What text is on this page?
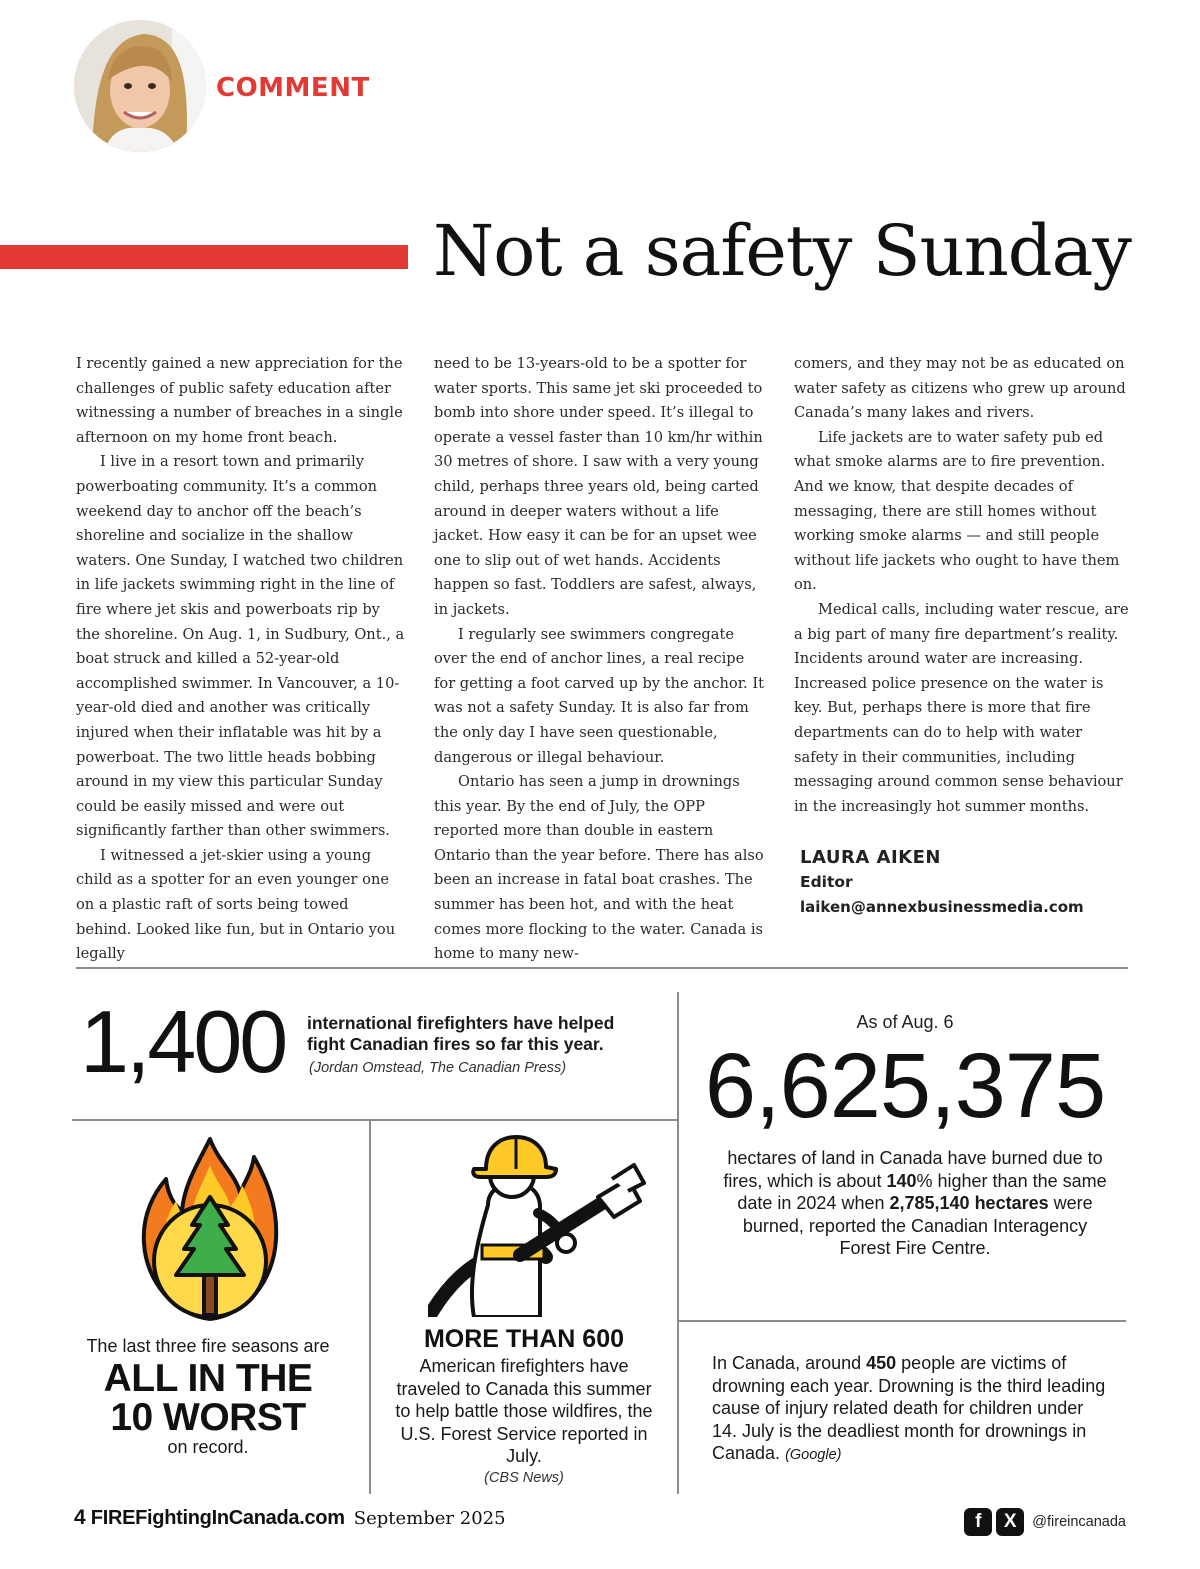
COMMENT
Not a safety Sunday

I recently gained a new appreciation for the challenges of public safety education after witnessing a number of breaches in a single afternoon on my home front beach.

I live in a resort town and primarily powerboating community. It’s a common weekend day to anchor off the beach’s shoreline and socialize in the shallow waters. One Sunday, I watched two children in life jackets swimming right in the line of fire where jet skis and powerboats rip by the shoreline. On Aug. 1, in Sudbury, Ont., a boat struck and killed a 52-year-old accomplished swimmer. In Vancouver, a 10-year-old died and another was critically injured when their inflatable was hit by a powerboat. The two little heads bobbing around in my view this particular Sunday could be easily missed and were out significantly farther than other swimmers.

I witnessed a jet-skier using a young child as a spotter for an even younger one on a plastic raft of sorts being towed behind. Looked like fun, but in Ontario you legally

need to be 13-years-old to be a spotter for water sports. This same jet ski proceeded to bomb into shore under speed. It’s illegal to operate a vessel faster than 10 km/hr within 30 metres of shore. I saw with a very young child, perhaps three years old, being carted around in deeper waters without a life jacket. How easy it can be for an upset wee one to slip out of wet hands. Accidents happen so fast. Toddlers are safest, always, in jackets.

I regularly see swimmers congregate over the end of anchor lines, a real recipe for getting a foot carved up by the anchor. It was not a safety Sunday. It is also far from the only day I have seen questionable, dangerous or illegal behaviour.

Ontario has seen a jump in drownings this year. By the end of July, the OPP reported more than double in eastern Ontario than the year before. There has also been an increase in fatal boat crashes. The summer has been hot, and with the heat comes more flocking to the water. Canada is home to many new-

comers, and they may not be as educated on water safety as citizens who grew up around Canada’s many lakes and rivers.

Life jackets are to water safety pub ed what smoke alarms are to fire prevention. And we know, that despite decades of messaging, there are still homes without working smoke alarms — and still people without life jackets who ought to have them on.

Medical calls, including water rescue, are a big part of many fire department’s reality. Incidents around water are increasing. Increased police presence on the water is key. But, perhaps there is more that fire departments can do to help with water safety in their communities, including messaging around common sense behaviour in the increasingly hot summer months.

LAURA AIKEN
Editor
laiken@annexbusinessmedia.com
1,400 international firefighters have helped fight Canadian fires so far this year.
(Jordan Omstead, The Canadian Press)
As of Aug. 6
6,625,375
hectares of land in Canada have burned due to fires, which is about 140% higher than the same date in 2024 when 2,785,140 hectares were burned, reported the Canadian Interagency Forest Fire Centre.
The last three fire seasons are
ALL IN THE
10 WORST
on record.
MORE THAN 600
American firefighters have traveled to Canada this summer to help battle those wildfires, the U.S. Forest Service reported in July.
(CBS News)
In Canada, around 450 people are victims of drowning each year. Drowning is the third leading cause of injury related death for children under 14. July is the deadliest month for drownings in Canada. (Google)
4 FIREFightingInCanada.com September 2025	f	X	@fireincanada
